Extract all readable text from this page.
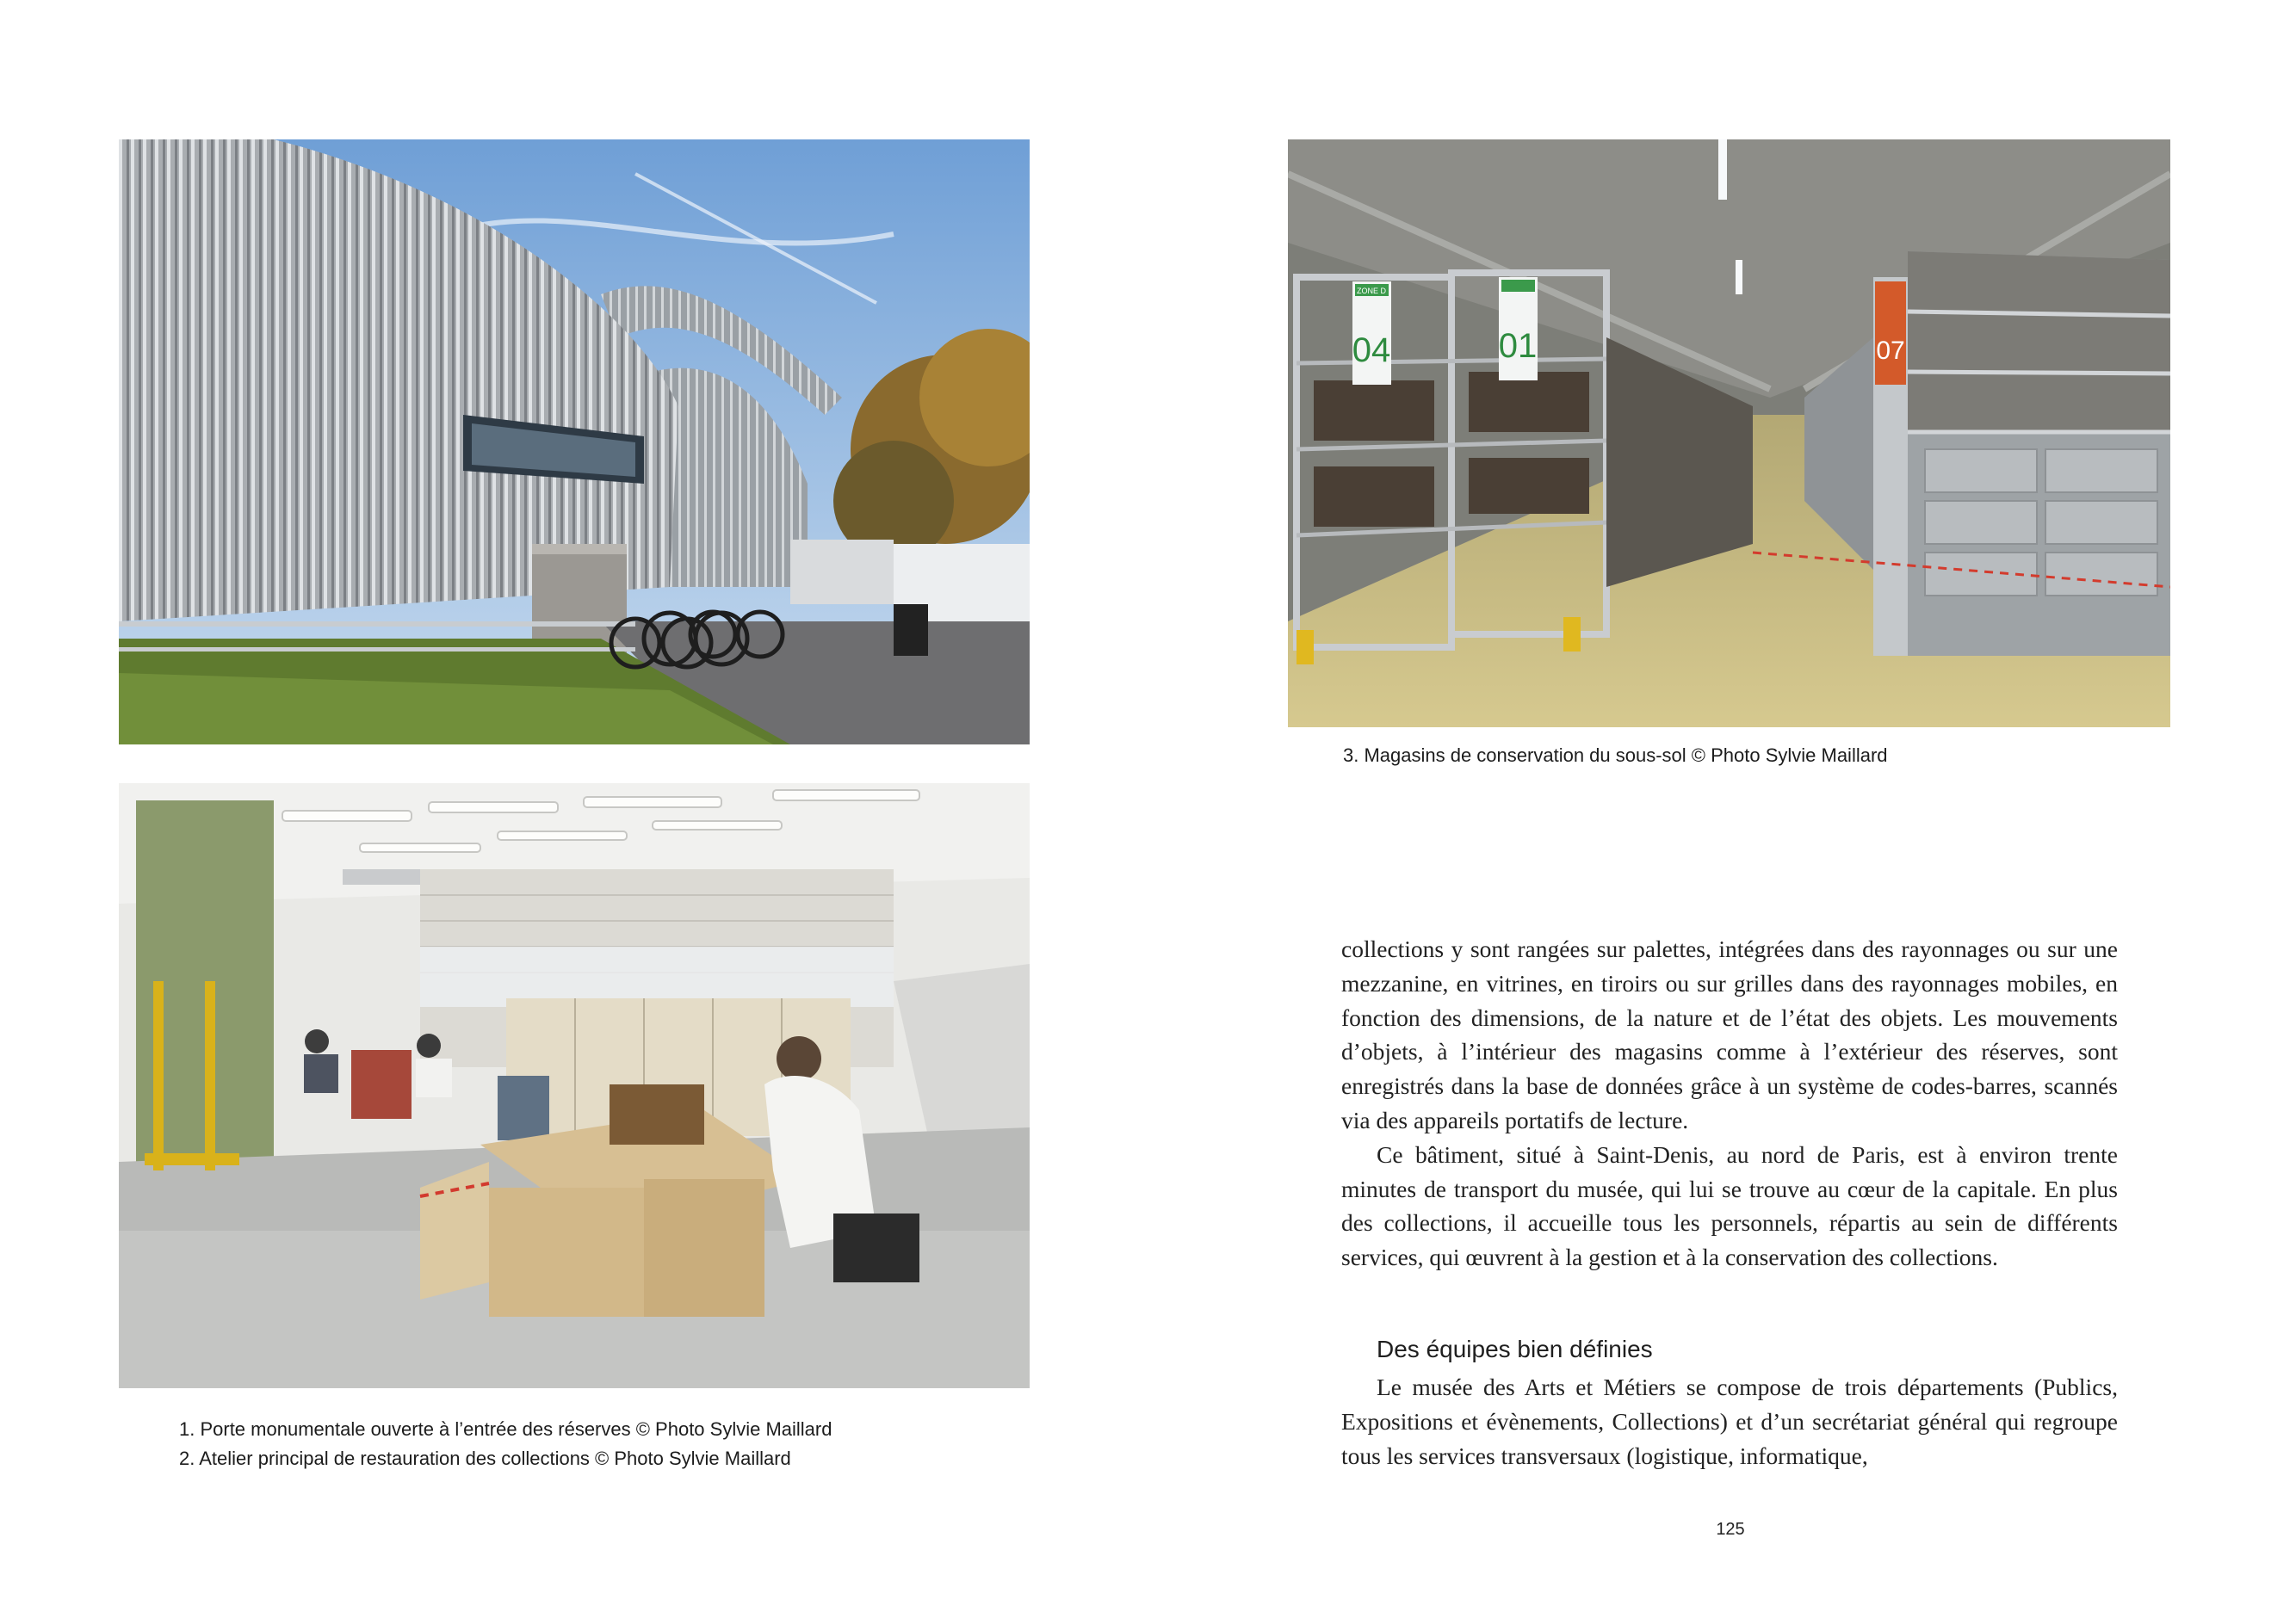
ZONE D
04	01	07
3. Magasins de conservation du sous-sol © Photo Sylvie Maillard
1. Porte monumentale ouverte à l’entrée des réserves © Photo Sylvie Maillard
2. Atelier principal de restauration des collections © Photo Sylvie Maillard

collections y sont rangées sur palettes, intégrées dans des rayonnages ou sur une mezzanine, en vitrines, en tiroirs ou sur grilles dans des rayonnages mobiles, en fonction des dimensions, de la nature et de l’état des objets. Les mouvements d’objets, à l’intérieur des magasins comme à l’extérieur des réserves, sont enregistrés dans la base de données grâce à un système de codes-barres, scannés via des appareils portatifs de lecture.

Ce bâtiment, situé à Saint-Denis, au nord de Paris, est à environ trente minutes de transport du musée, qui lui se trouve au cœur de la capitale. En plus des collections, il accueille tous les personnels, répartis au sein de différents services, qui œuvrent à la gestion et à la conservation des collections.

Des équipes bien définies

Le musée des Arts et Métiers se compose de trois départements (Publics, Expositions et évènements, Collections) et d’un secrétariat général qui regroupe tous les services transversaux (logistique, informatique,

125
